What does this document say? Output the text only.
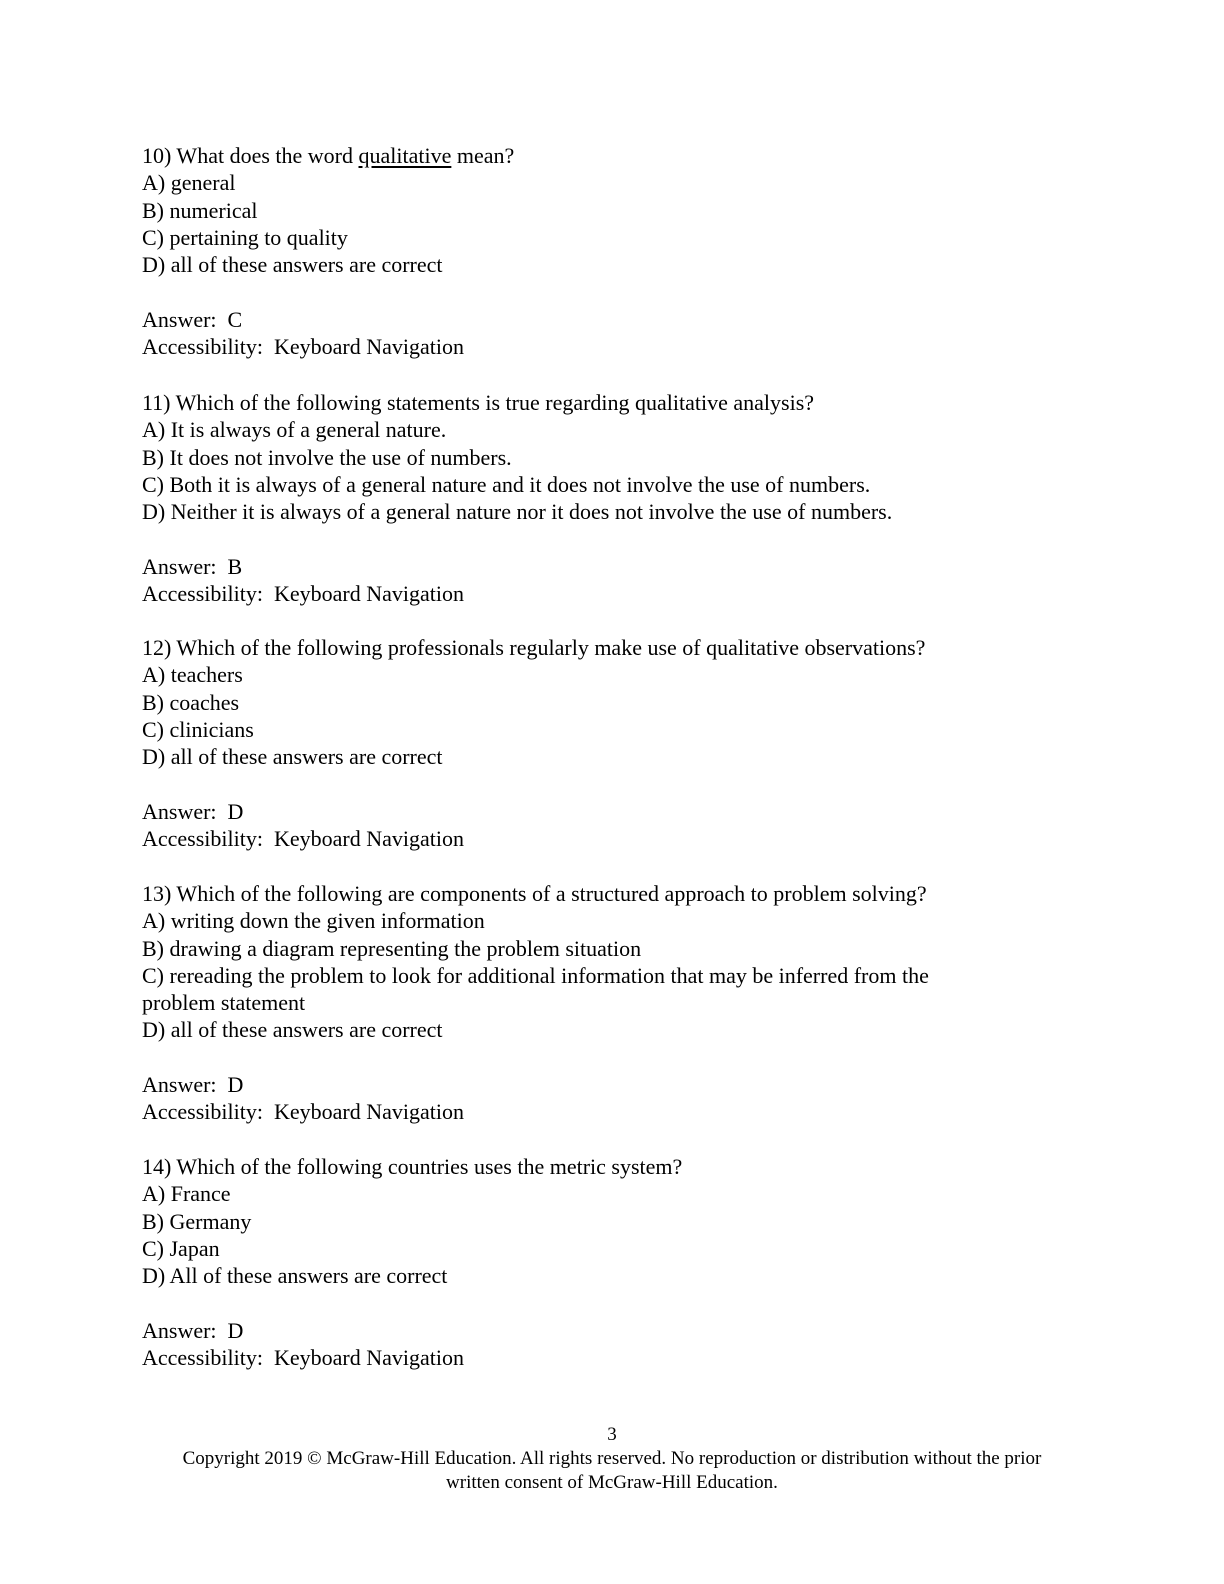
10) What does the word qualitative mean?
A) general
B) numerical
C) pertaining to quality
D) all of these answers are correct
Answer:  C
Accessibility:  Keyboard Navigation
11) Which of the following statements is true regarding qualitative analysis?
A) It is always of a general nature.
B) It does not involve the use of numbers.
C) Both it is always of a general nature and it does not involve the use of numbers.
D) Neither it is always of a general nature nor it does not involve the use of numbers.
Answer:  B
Accessibility:  Keyboard Navigation
12) Which of the following professionals regularly make use of qualitative observations?
A) teachers
B) coaches
C) clinicians
D) all of these answers are correct
Answer:  D
Accessibility:  Keyboard Navigation
13) Which of the following are components of a structured approach to problem solving?
A) writing down the given information
B) drawing a diagram representing the problem situation
C) rereading the problem to look for additional information that may be inferred from the
problem statement
D) all of these answers are correct
Answer:  D
Accessibility:  Keyboard Navigation
14) Which of the following countries uses the metric system?
A) France
B) Germany
C) Japan
D) All of these answers are correct
Answer:  D
Accessibility:  Keyboard Navigation
3
Copyright 2019 © McGraw-Hill Education. All rights reserved. No reproduction or distribution without the prior
written consent of McGraw-Hill Education.
